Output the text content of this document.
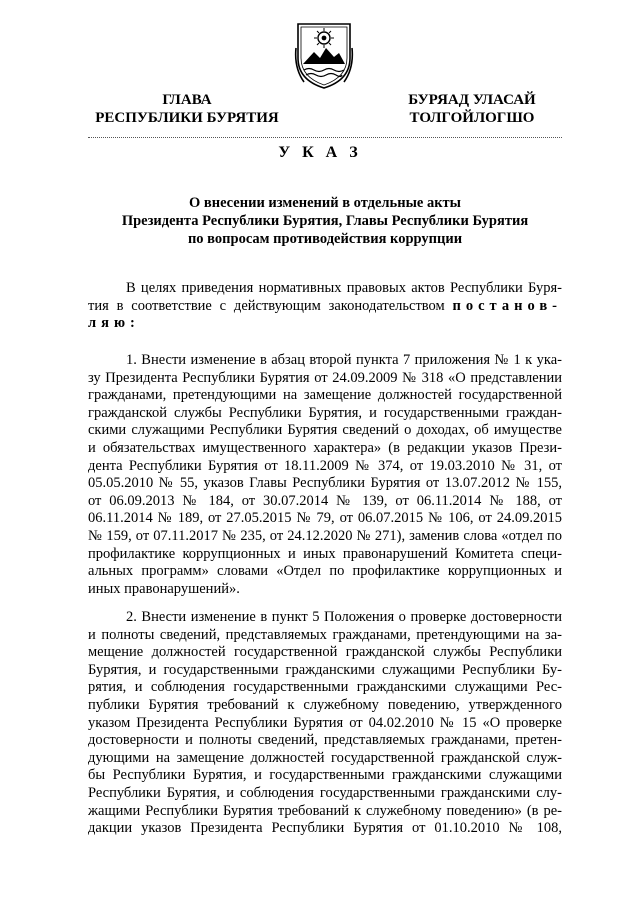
ГЛАВА
РЕСПУБЛИКИ БУРЯТИЯ
БУРЯАД УЛАСАЙ
ТОЛГОЙЛОГШО
У К А З
О внесении изменений в отдельные акты
Президента Республики Бурятия, Главы Республики Бурятия
по вопросам противодействия коррупции
В целях приведения нормативных правовых актов Республики Буря-
тия в соответствие с действующим законодательством постанов-
ляю:
1. Внести изменение в абзац второй пункта 7 приложения № 1 к ука-
зу Президента Республики Бурятия от 24.09.2009 № 318 «О представлении
гражданами, претендующими на замещение должностей государственной
гражданской службы Республики Бурятия, и государственными граждан-
скими служащими Республики Бурятия сведений о доходах, об имуществе
и обязательствах имущественного характера» (в редакции указов Прези-
дента Республики Бурятия от 18.11.2009 № 374, от 19.03.2010 № 31, от
05.05.2010 № 55, указов Главы Республики Бурятия от 13.07.2012 № 155,
от 06.09.2013 № 184, от 30.07.2014 № 139, от 06.11.2014 № 188, от
06.11.2014 № 189, от 27.05.2015 № 79, от 06.07.2015 № 106, от 24.09.2015
№ 159, от 07.11.2017 № 235, от 24.12.2020 № 271), заменив слова «отдел по
профилактике коррупционных и иных правонарушений Комитета специ-
альных программ» словами «Отдел по профилактике коррупционных и
иных правонарушений».
2. Внести изменение в пункт 5 Положения о проверке достоверности
и полноты сведений, представляемых гражданами, претендующими на за-
мещение должностей государственной гражданской службы Республики
Бурятия, и государственными гражданскими служащими Республики Бу-
рятия, и соблюдения государственными гражданскими служащими Рес-
публики Бурятия требований к служебному поведению, утвержденного
указом Президента Республики Бурятия от 04.02.2010 № 15 «О проверке
достоверности и полноты сведений, представляемых гражданами, претен-
дующими на замещение должностей государственной гражданской служ-
бы Республики Бурятия, и государственными гражданскими служащими
Республики Бурятия, и соблюдения государственными гражданскими слу-
жащими Республики Бурятия требований к служебному поведению» (в ре-
дакции указов Президента Республики Бурятия от 01.10.2010 № 108,
